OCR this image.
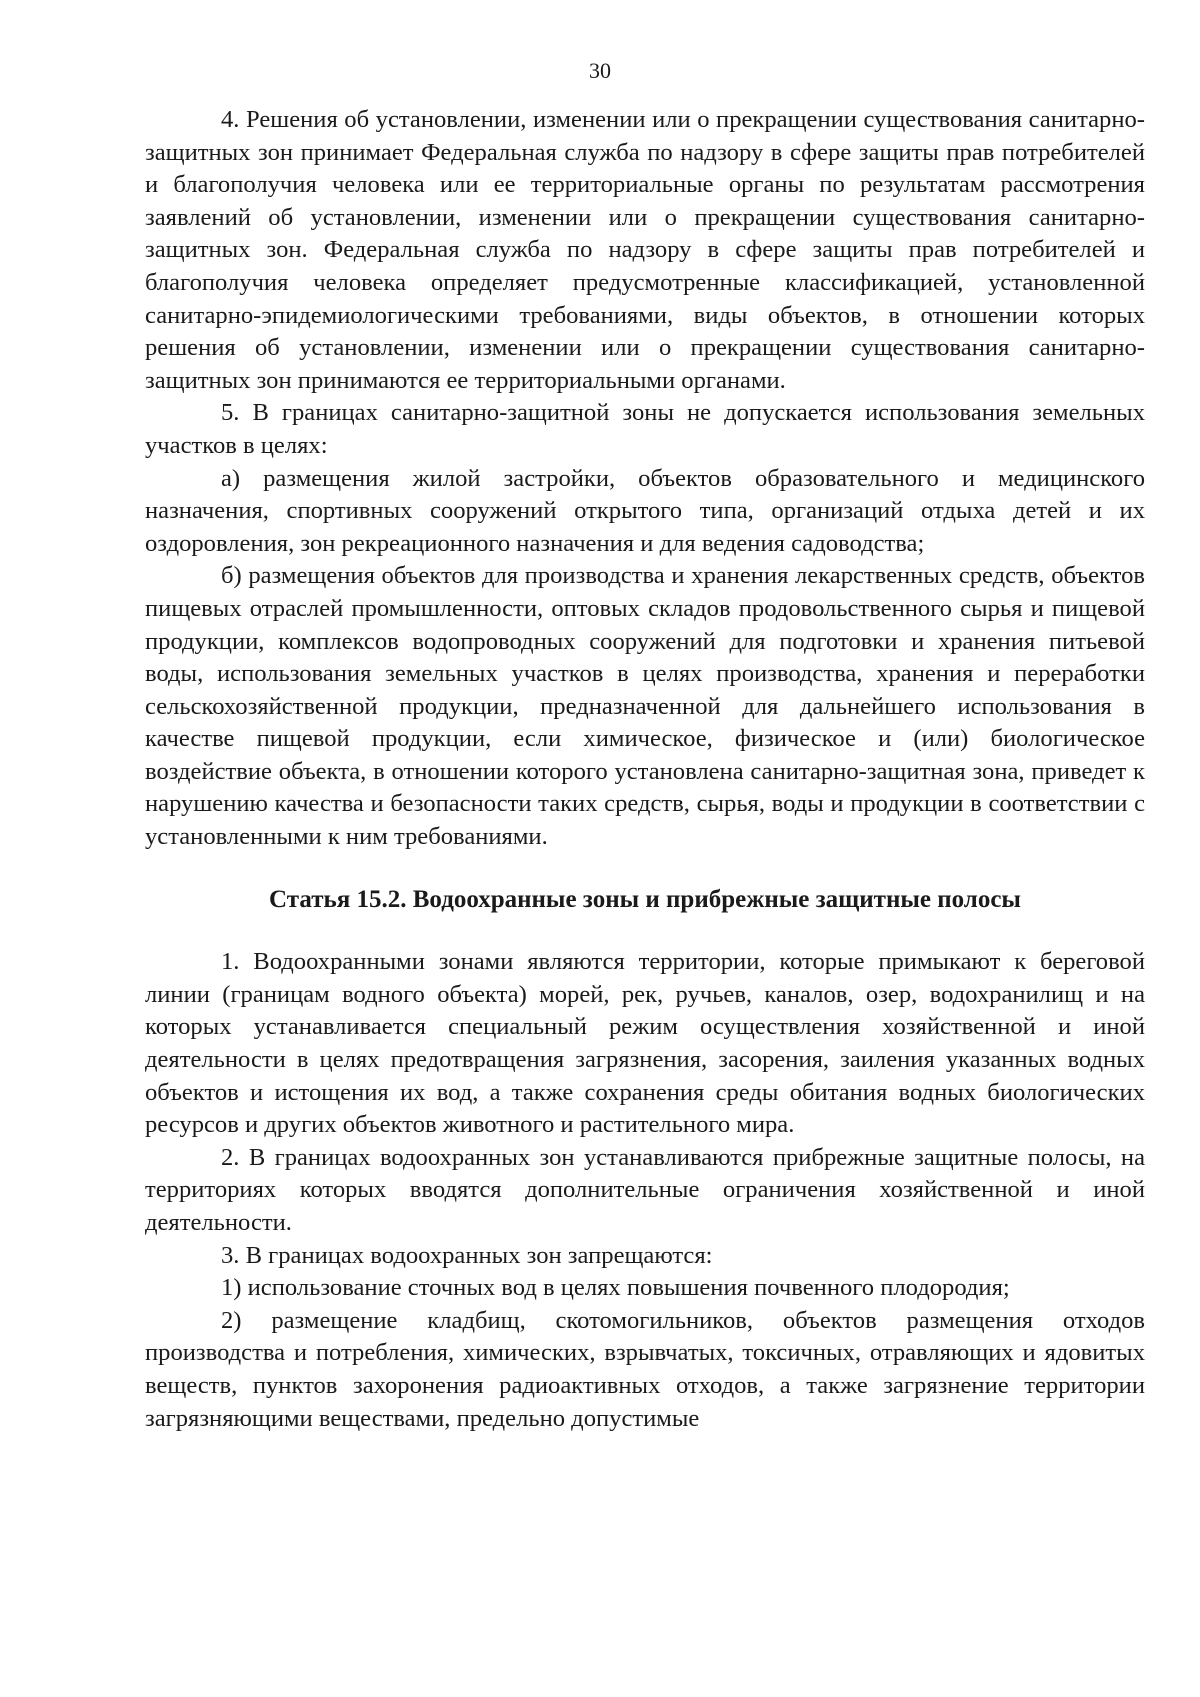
30

4. Решения об установлении, изменении или о прекращении существования санитарно-защитных зон принимает Федеральная служба по надзору в сфере защиты прав потребителей и благополучия человека или ее территориальные органы по результатам рассмотрения заявлений об установлении, изменении или о прекращении существования санитарно-защитных зон. Федеральная служба по надзору в сфере защиты прав потребителей и благополучия человека определяет предусмотренные классификацией, установленной санитарно-эпидемиологическими требованиями, виды объектов, в отношении которых решения об установлении, изменении или о прекращении существования санитарно-защитных зон принимаются ее территориальными органами.

5. В границах санитарно-защитной зоны не допускается использования земельных участков в целях:

а) размещения жилой застройки, объектов образовательного и медицинского назначения, спортивных сооружений открытого типа, организаций отдыха детей и их оздоровления, зон рекреационного назначения и для ведения садоводства;

б) размещения объектов для производства и хранения лекарственных средств, объектов пищевых отраслей промышленности, оптовых складов продовольственного сырья и пищевой продукции, комплексов водопроводных сооружений для подготовки и хранения питьевой воды, использования земельных участков в целях производства, хранения и переработки сельскохозяйственной продукции, предназначенной для дальнейшего использования в качестве пищевой продукции, если химическое, физическое и (или) биологическое воздействие объекта, в отношении которого установлена санитарно-защитная зона, приведет к нарушению качества и безопасности таких средств, сырья, воды и продукции в соответствии с установленными к ним требованиями.

Статья 15.2. Водоохранные зоны и прибрежные защитные полосы

1. Водоохранными зонами являются территории, которые примыкают к береговой линии (границам водного объекта) морей, рек, ручьев, каналов, озер, водохранилищ и на которых устанавливается специальный режим осуществления хозяйственной и иной деятельности в целях предотвращения загрязнения, засорения, заиления указанных водных объектов и истощения их вод, а также сохранения среды обитания водных биологических ресурсов и других объектов животного и растительного мира.

2. В границах водоохранных зон устанавливаются прибрежные защитные полосы, на территориях которых вводятся дополнительные ограничения хозяйственной и иной деятельности.

3. В границах водоохранных зон запрещаются:

1) использование сточных вод в целях повышения почвенного плодородия;

2) размещение кладбищ, скотомогильников, объектов размещения отходов производства и потребления, химических, взрывчатых, токсичных, отравляющих и ядовитых веществ, пунктов захоронения радиоактивных отходов, а также загрязнение территории загрязняющими веществами, предельно допустимые
